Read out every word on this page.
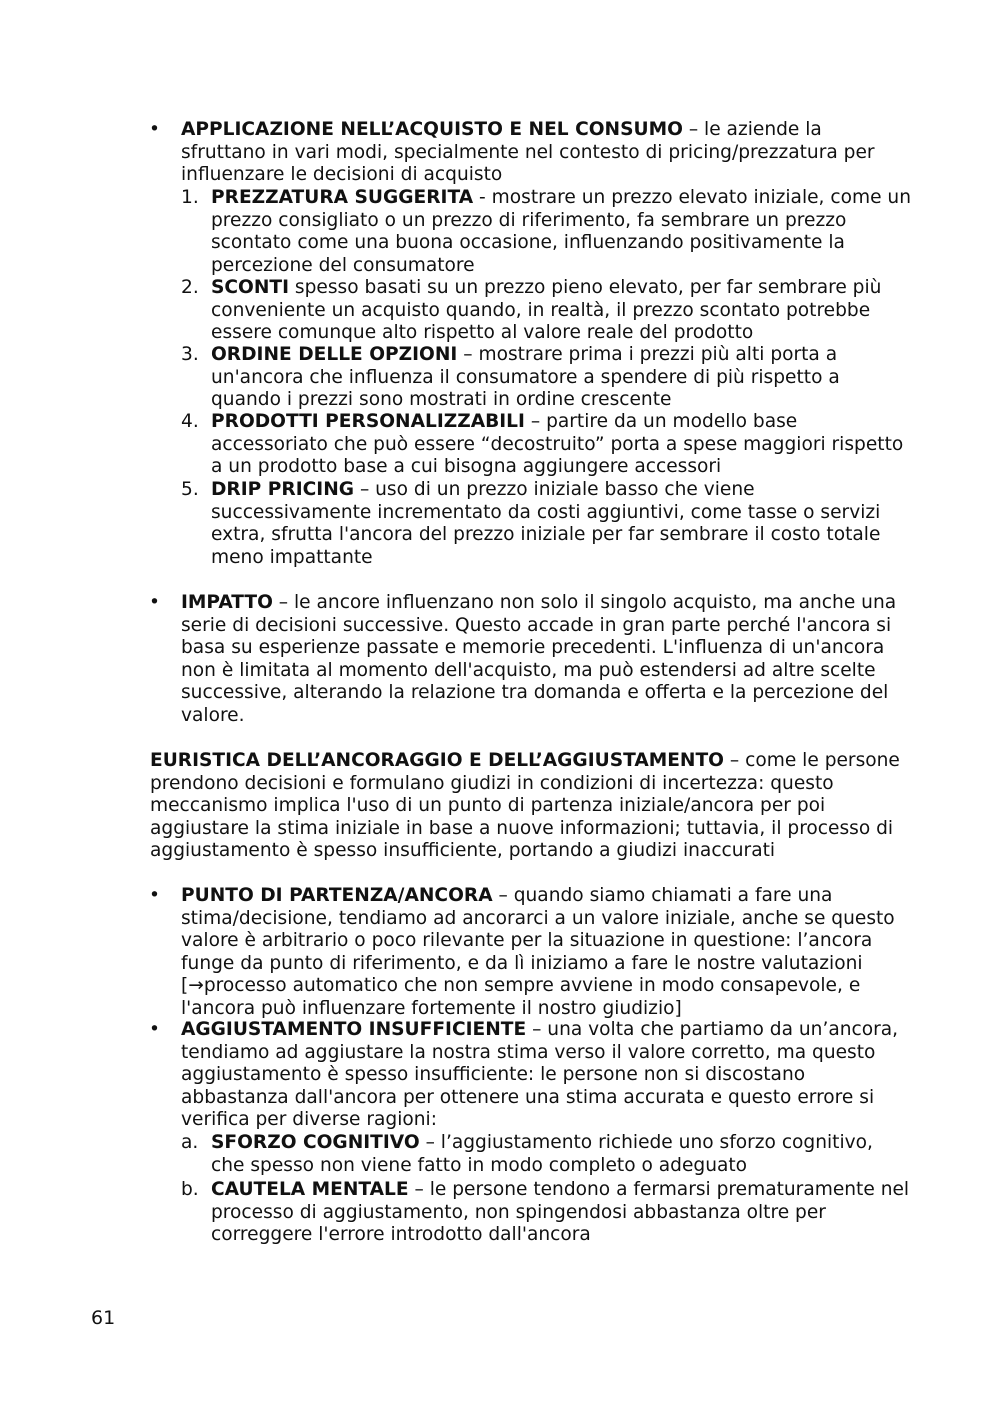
•	APPLICAZIONE NELL’ACQUISTO E NEL CONSUMO – le aziende la sfruttano in vari modi, specialmente nel contesto di pricing/prezzatura per influenzare le decisioni di acquisto
1. PREZZATURA SUGGERITA - mostrare un prezzo elevato iniziale, come un prezzo consigliato o un prezzo di riferimento, fa sembrare un prezzo scontato come una buona occasione, influenzando positivamente la percezione del consumatore
2. SCONTI spesso basati su un prezzo pieno elevato, per far sembrare più conveniente un acquisto quando, in realtà, il prezzo scontato potrebbe essere comunque alto rispetto al valore reale del prodotto
3. ORDINE DELLE OPZIONI – mostrare prima i prezzi più alti porta a un'ancora che influenza il consumatore a spendere di più rispetto a quando i prezzi sono mostrati in ordine crescente
4. PRODOTTI PERSONALIZZABILI – partire da un modello base accessoriato che può essere “decostruito” porta a spese maggiori rispetto a un prodotto base a cui bisogna aggiungere accessori
5. DRIP PRICING – uso di un prezzo iniziale basso che viene successivamente incrementato da costi aggiuntivi, come tasse o servizi extra, sfrutta l'ancora del prezzo iniziale per far sembrare il costo totale meno impattante
•	IMPATTO – le ancore influenzano non solo il singolo acquisto, ma anche una serie di decisioni successive. Questo accade in gran parte perché l'ancora si basa su esperienze passate e memorie precedenti. L'influenza di un'ancora non è limitata al momento dell'acquisto, ma può estendersi ad altre scelte successive, alterando la relazione tra domanda e offerta e la percezione del valore.
EURISTICA DELL’ANCORAGGIO E DELL’AGGIUSTAMENTO – come le persone prendono decisioni e formulano giudizi in condizioni di incertezza: questo meccanismo implica l'uso di un punto di partenza iniziale/ancora per poi aggiustare la stima iniziale in base a nuove informazioni; tuttavia, il processo di aggiustamento è spesso insufficiente, portando a giudizi inaccurati
•	PUNTO DI PARTENZA/ANCORA – quando siamo chiamati a fare una stima/decisione, tendiamo ad ancorarci a un valore iniziale, anche se questo valore è arbitrario o poco rilevante per la situazione in questione: l’ancora funge da punto di riferimento, e da lì iniziamo a fare le nostre valutazioni [→processo automatico che non sempre avviene in modo consapevole, e l'ancora può influenzare fortemente il nostro giudizio]
•	AGGIUSTAMENTO INSUFFICIENTE – una volta che partiamo da un’ancora, tendiamo ad aggiustare la nostra stima verso il valore corretto, ma questo aggiustamento è spesso insufficiente: le persone non si discostano abbastanza dall'ancora per ottenere una stima accurata e questo errore si verifica per diverse ragioni:
a. SFORZO COGNITIVO – l’aggiustamento richiede uno sforzo cognitivo, che spesso non viene fatto in modo completo o adeguato
b. CAUTELA MENTALE – le persone tendono a fermarsi prematuramente nel processo di aggiustamento, non spingendosi abbastanza oltre per correggere l'errore introdotto dall'ancora
61
